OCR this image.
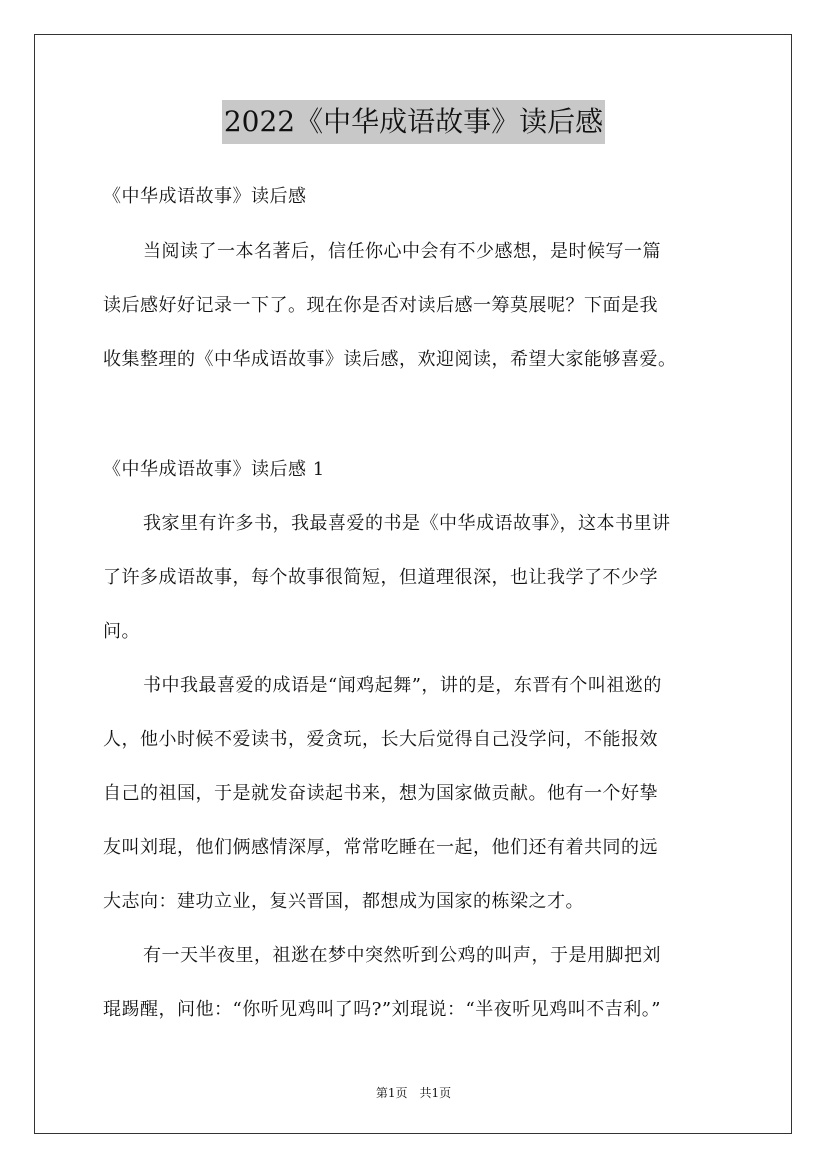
2022《中华成语故事》读后感
《中华成语故事》读后感
当阅读了一本名著后，信任你心中会有不少感想，是时候写一篇
读后感好好记录一下了。现在你是否对读后感一筹莫展呢？下面是我
收集整理的《中华成语故事》读后感，欢迎阅读，希望大家能够喜爱。
《中华成语故事》读后感 1
我家里有许多书，我最喜爱的书是《中华成语故事》，这本书里讲
了许多成语故事，每个故事很简短，但道理很深，也让我学了不少学
问。
书中我最喜爱的成语是“闻鸡起舞”，讲的是，东晋有个叫祖逖的
人，他小时候不爱读书，爱贪玩，长大后觉得自己没学问，不能报效
自己的祖国，于是就发奋读起书来，想为国家做贡献。他有一个好挚
友叫刘琨，他们俩感情深厚，常常吃睡在一起，他们还有着共同的远
大志向：建功立业，复兴晋国，都想成为国家的栋梁之才。
有一天半夜里，祖逖在梦中突然听到公鸡的叫声，于是用脚把刘
琨踢醒，问他：“你听见鸡叫了吗?”刘琨说：“半夜听见鸡叫不吉利。”
第1页　共1页
